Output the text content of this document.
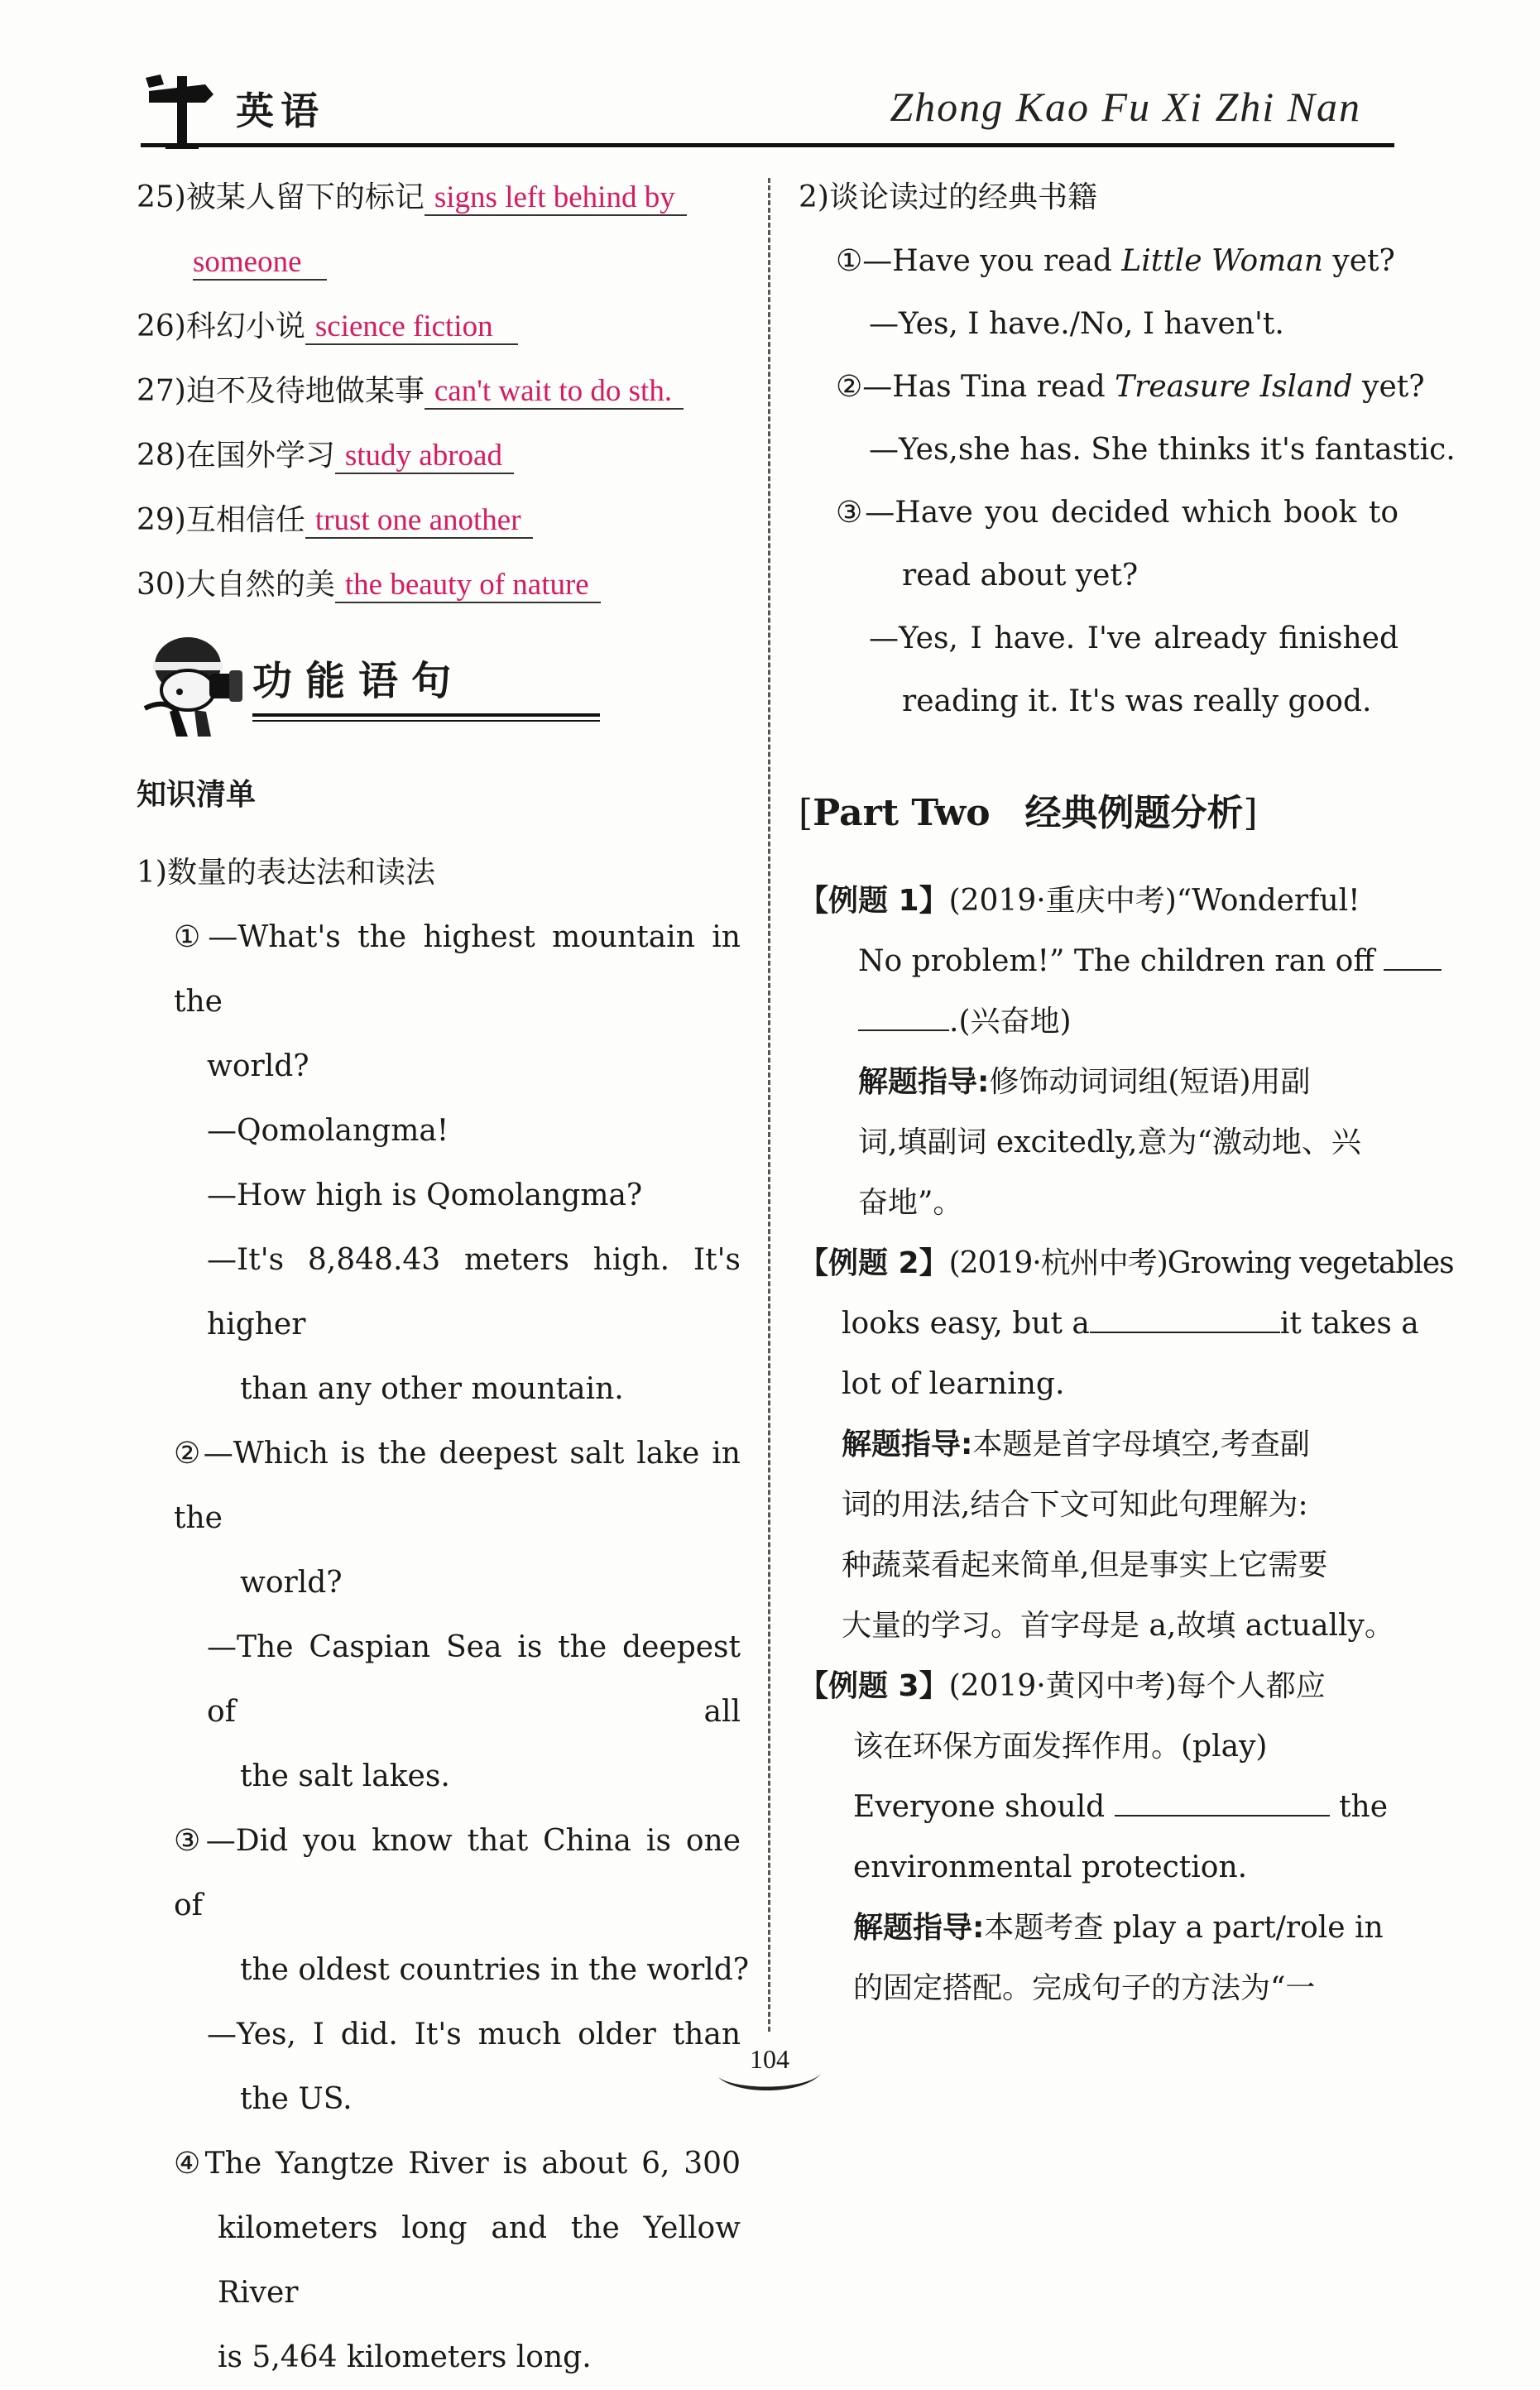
英语	Zhong Kao Fu Xi Zhi Nan
25)被某人留下的标记 signs left behind by
someone
26)科幻小说 science fiction
27)迫不及待地做某事 can't wait to do sth.
28)在国外学习 study abroad
29)互相信任 trust one another
30)大自然的美 the beauty of nature
功能语句
知识清单
1)数量的表达法和读法
①—What's the highest mountain in the
world?
—Qomolangma!
—How high is Qomolangma?
—It's 8,848.43 meters high. It's higher
than any other mountain.
②—Which is the deepest salt lake in the
world?
—The Caspian Sea is the deepest of all
the salt lakes.
③—Did you know that China is one of
the oldest countries in the world?
—Yes, I did. It's much older than
the US.
④The Yangtze River is about 6, 300
kilometers long and the Yellow River
is 5,464 kilometers long.
2)谈论读过的经典书籍
①—Have you read Little Woman yet?
—Yes, I have./No, I haven't.
②—Has Tina read Treasure Island yet?
—Yes,she has. She thinks it's fantastic.
③—Have you decided which book to
read about yet?
—Yes, I have. I've already finished
reading it. It's was really good.
[Part Two 经典例题分析]
【例题 1】(2019·重庆中考)“Wonderful!
No problem!” The children ran off
.(兴奋地)
解题指导:修饰动词词组(短语)用副
词,填副词 excitedly,意为“激动地、兴
奋地”。
【例题 2】(2019·杭州中考)Growing vegetables
looks easy, but a	it takes a
lot of learning.
解题指导:本题是首字母填空,考查副
词的用法,结合下文可知此句理解为:
种蔬菜看起来简单,但是事实上它需要
大量的学习。首字母是 a,故填 actually。
【例题 3】(2019·黄冈中考)每个人都应
该在环保方面发挥作用。(play)
Everyone should	the
environmental protection.
解题指导:本题考查 play a part/role in
的固定搭配。完成句子的方法为“一
104
